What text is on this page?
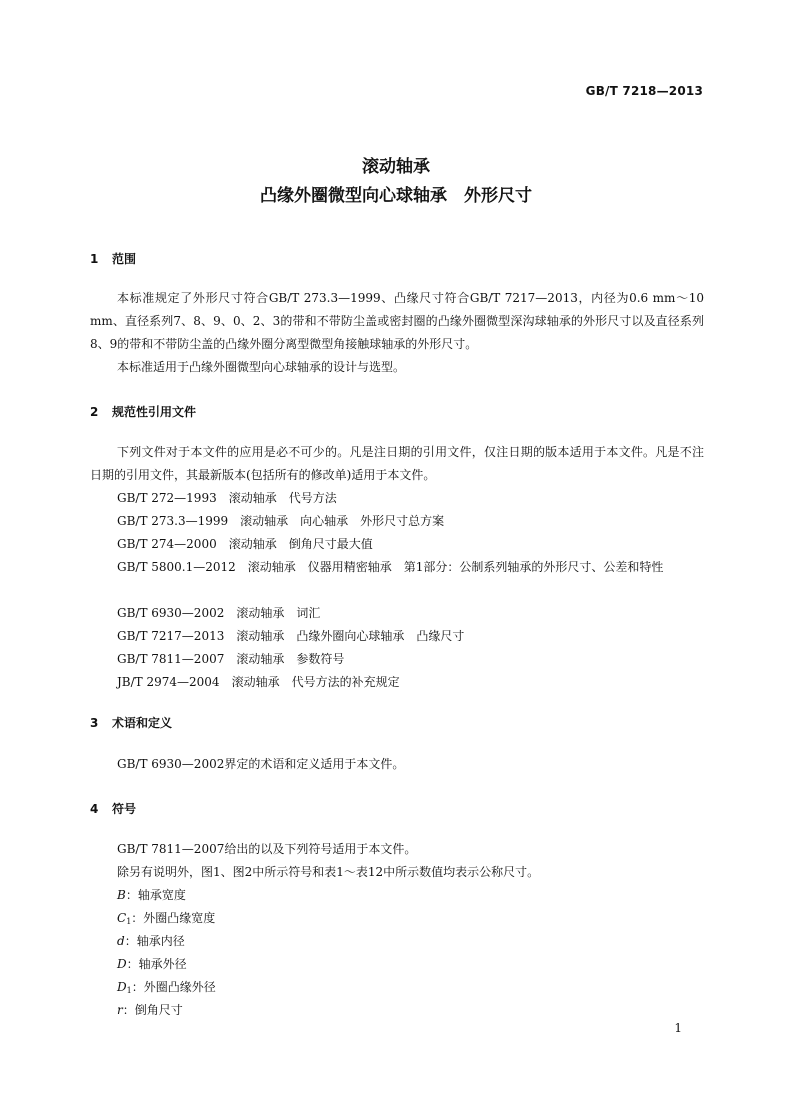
GB/T 7218—2013
滚动轴承
凸缘外圈微型向心球轴承　外形尺寸
1 范围
本标准规定了外形尺寸符合GB/T 273.3—1999、凸缘尺寸符合GB/T 7217—2013，内径为0.6 mm～10 mm、直径系列7、8、9、0、2、3的带和不带防尘盖或密封圈的凸缘外圈微型深沟球轴承的外形尺寸以及直径系列8、9的带和不带防尘盖的凸缘外圈分离型微型角接触球轴承的外形尺寸。
本标准适用于凸缘外圈微型向心球轴承的设计与选型。
2 规范性引用文件
下列文件对于本文件的应用是必不可少的。凡是注日期的引用文件，仅注日期的版本适用于本文件。凡是不注日期的引用文件，其最新版本(包括所有的修改单)适用于本文件。
GB/T 272—1993　滚动轴承　代号方法
GB/T 273.3—1999　滚动轴承　向心轴承　外形尺寸总方案
GB/T 274—2000　滚动轴承　倒角尺寸最大值
GB/T 5800.1—2012　滚动轴承　仪器用精密轴承　第1部分：公制系列轴承的外形尺寸、公差和特性
GB/T 6930—2002　滚动轴承　词汇
GB/T 7217—2013　滚动轴承　凸缘外圈向心球轴承　凸缘尺寸
GB/T 7811—2007　滚动轴承　参数符号
JB/T 2974—2004　滚动轴承　代号方法的补充规定
3 术语和定义
GB/T 6930—2002界定的术语和定义适用于本文件。
4 符号
GB/T 7811—2007给出的以及下列符号适用于本文件。
除另有说明外，图1、图2中所示符号和表1～表12中所示数值均表示公称尺寸。
B：轴承宽度
$C_1$：外圈凸缘宽度
d：轴承内径
D：轴承外径
$D_1$：外圈凸缘外径
r：倒角尺寸
1
